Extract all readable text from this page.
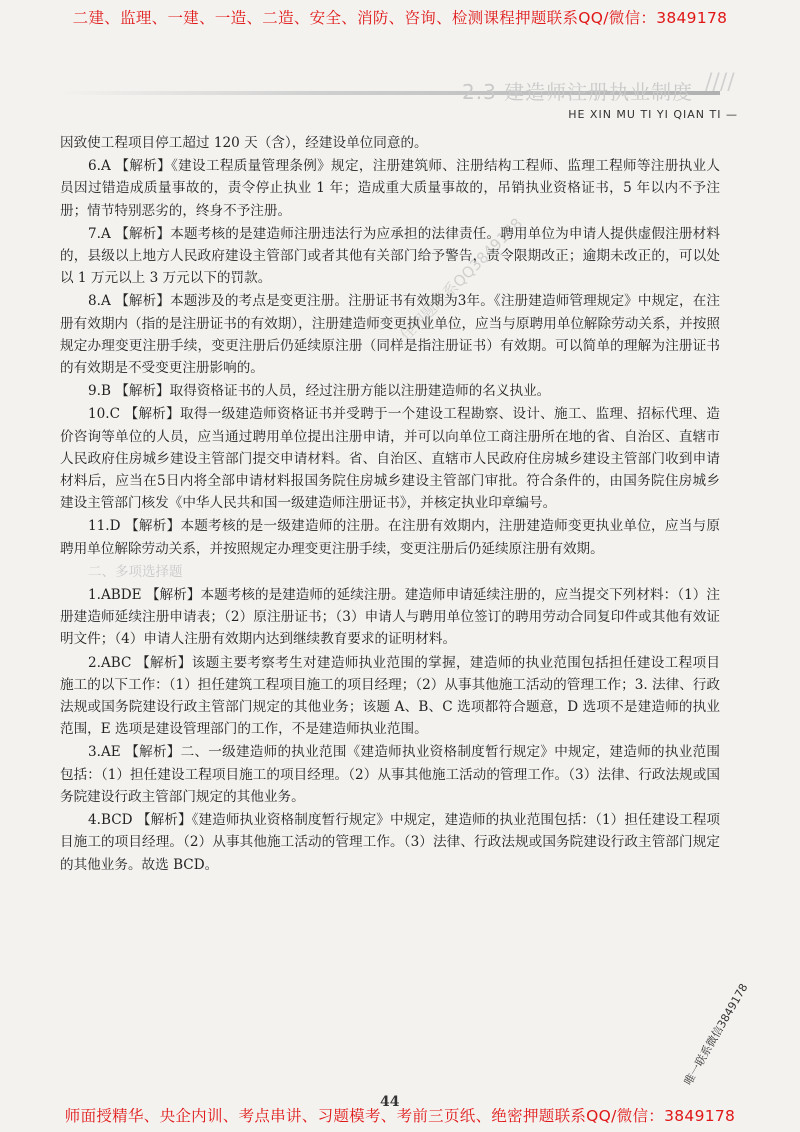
二建、监理、一建、一造、二造、安全、消防、咨询、检测课程押题联系QQ/微信：3849178
2.3 建造师注册执业制度 ////
HE XIN MU TI YI QIAN TI —

因致使工程项目停工超过 120 天（含），经建设单位同意的。

6.A 【解析】《建设工程质量管理条例》规定，注册建筑师、注册结构工程师、监理工程师等注册执业人员因过错造成质量事故的，责令停止执业 1 年；造成重大质量事故的，吊销执业资格证书，5 年以内不予注册；情节特别恶劣的，终身不予注册。

7.A 【解析】本题考核的是建造师注册违法行为应承担的法律责任。聘用单位为申请人提供虚假注册材料的，县级以上地方人民政府建设主管部门或者其他有关部门给予警告，责令限期改正；逾期未改正的，可以处以 1 万元以上 3 万元以下的罚款。

8.A 【解析】本题涉及的考点是变更注册。注册证书有效期为3年。《注册建造师管理规定》中规定，在注册有效期内（指的是注册证书的有效期），注册建造师变更执业单位，应当与原聘用单位解除劳动关系，并按照规定办理变更注册手续，变更注册后仍延续原注册（同样是指注册证书）有效期。可以简单的理解为注册证书的有效期是不受变更注册影响的。

9.B 【解析】取得资格证书的人员，经过注册方能以注册建造师的名义执业。

10.C 【解析】取得一级建造师资格证书并受聘于一个建设工程勘察、设计、施工、监理、招标代理、造价咨询等单位的人员，应当通过聘用单位提出注册申请，并可以向单位工商注册所在地的省、自治区、直辖市人民政府住房城乡建设主管部门提交申请材料。省、自治区、直辖市人民政府住房城乡建设主管部门收到申请材料后，应当在5日内将全部申请材料报国务院住房城乡建设主管部门审批。符合条件的，由国务院住房城乡建设主管部门核发《中华人民共和国一级建造师注册证书》，并核定执业印章编号。

11.D 【解析】本题考核的是一级建造师的注册。在注册有效期内，注册建造师变更执业单位，应当与原聘用单位解除劳动关系，并按照规定办理变更注册手续，变更注册后仍延续原注册有效期。

二、多项选择题

1.ABDE 【解析】本题考核的是建造师的延续注册。建造师申请延续注册的，应当提交下列材料：（1）注册建造师延续注册申请表；（2）原注册证书；（3）申请人与聘用单位签订的聘用劳动合同复印件或其他有效证明文件；（4）申请人注册有效期内达到继续教育要求的证明材料。

2.ABC 【解析】该题主要考察考生对建造师执业范围的掌握，建造师的执业范围包括担任建设工程项目施工的以下工作：（1）担任建筑工程项目施工的项目经理；（2）从事其他施工活动的管理工作；3. 法律、行政法规或国务院建设行政主管部门规定的其他业务；该题 A、B、C 选项都符合题意，D 选项不是建造师的执业范围，E 选项是建设管理部门的工作，不是建造师执业范围。

3.AE 【解析】二、一级建造师的执业范围《建造师执业资格制度暂行规定》中规定，建造师的执业范围包括：（1）担任建设工程项目施工的项目经理。（2）从事其他施工活动的管理工作。（3）法律、行政法规或国务院建设行政主管部门规定的其他业务。

4.BCD 【解析】《建造师执业资格制度暂行规定》中规定，建造师的执业范围包括：（1）担任建设工程项目施工的项目经理。（2）从事其他施工活动的管理工作。（3）法律、行政法规或国务院建设行政主管部门规定的其他业务。故选 BCD。

佳押题联系QQ3849178
唯一联系微信3849178
44
师面授精华、央企内训、考点串讲、习题模考、考前三页纸、绝密押题联系QQ/微信：3849178
